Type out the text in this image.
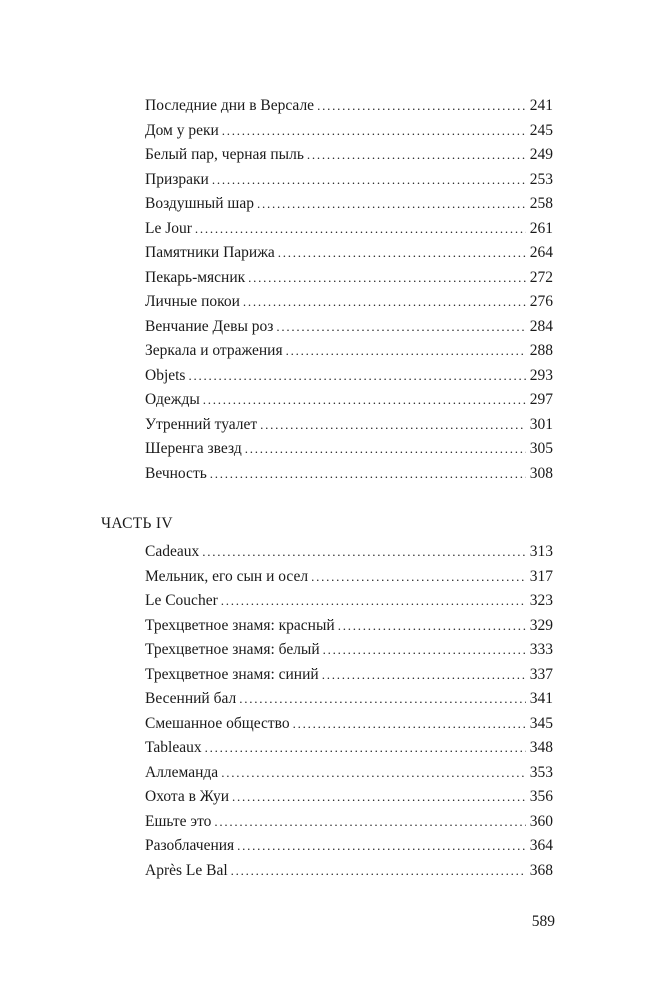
Последние дни в Версале . . .	241
Дом у реки . . .	245
Белый пар, черная пыль . . .	249
Призраки . . .	253
Воздушный шар . . .	258
Le Jour . . .	261
Памятники Парижа . . .	264
Пекарь-мясник . . .	272
Личные покои . . .	276
Венчание Девы роз . . .	284
Зеркала и отражения . . .	288
Objets . . .	293
Одежды . . .	297
Утренний туалет . . .	301
Шеренга звезд . . .	305
Вечность . . .	308
ЧАСТЬ IV
Cadeaux . . .	313
Мельник, его сын и осел . . .	317
Le Coucher . . .	323
Трехцветное знамя: красный . . .	329
Трехцветное знамя: белый . . .	333
Трехцветное знамя: синий . . .	337
Весенний бал . . .	341
Смешанное общество . . .	345
Tableaux . . .	348
Аллеманда . . .	353
Охота в Жуи . . .	356
Ешьте это . . .	360
Разоблачения . . .	364
Après Le Bal . . .	368
589
